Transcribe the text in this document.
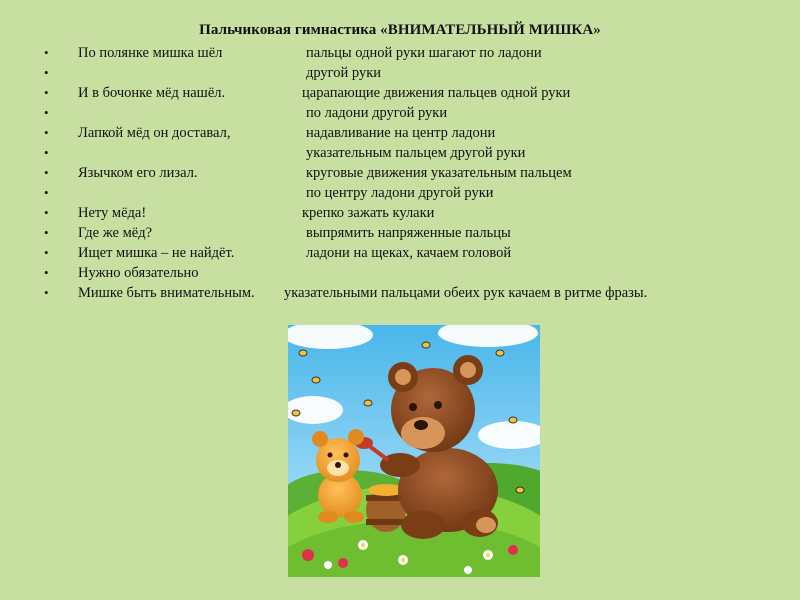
Пальчиковая гимнастика «ВНИМАТЕЛЬНЫЙ МИШКА»
• По полянке мишка шёл	пальцы одной руки шагают по ладони
•	другой руки
• И в бочонке мёд нашёл.	царапающие движения пальцев одной руки
•	по ладони другой руки
• Лапкой мёд он доставал,	надавливание на центр ладони
•	указательным пальцем другой руки
• Язычком его лизал.	круговые движения указательным пальцем
•	по центру ладони другой руки
• Нету мёда!	крепко зажать кулаки
• Где же мёд?	выпрямить напряженные пальцы
• Ищет мишка – не найдёт.	ладони на щеках, качаем головой
• Нужно обязательно
• Мишке быть внимательным. указательными пальцами обеих рук качаем в ритме фразы.
